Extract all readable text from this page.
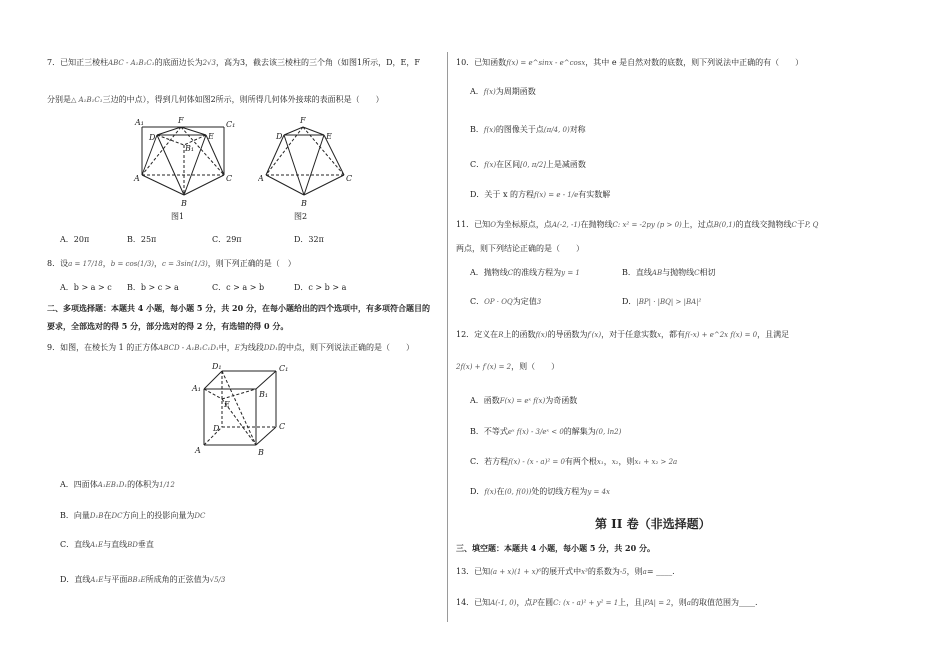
7．已知正三棱柱ABC - A₁B₁C₁的底面边长为2√3，高为3，截去该三棱柱的三个角（如图1所示，D，E，F
分别是△ A₁B₁C₁三边的中点），得到几何体如图2所示，则所得几何体外接球的表面积是（　　）
A₁	F	C₁
D	E
B₁
A	C
B
图1
F
D	E
A	C
B
图2
A．20π	B．25π	C．29π	D．32π
8．设a = 17/18，b = cos(1/3)，c = 3sin(1/3)，则下列正确的是（　）
A．b > a > c B．b > c > a	C．c > a > b	D．c > b > a
二、多项选择题：本题共 4 小题，每小题 5 分，共 20 分，在每小题给出的四个选项中，有多项符合题目的
要求，全部选对的得 5 分，部分选对的得 2 分，有选错的得 0 分。
9．如图，在棱长为 1 的正方体ABCD - A₁B₁C₁D₁中，E为线段DD₁的中点，则下列说法正确的是（　　）
A₁
D₁	C₁
B₁
E
D	C
A	B
A．四面体A₁EB₁D₁的体积为1/12
B．向量D₁B在DC方向上的投影向量为DC
C．直线A₁E与直线BD垂直
D．直线A₁E与平面BB₁E所成角的正弦值为√5/3
10．已知函数f(x) = e^sinx - e^cosx，其中 e 是自然对数的底数，则下列说法中正确的有（　　）
A．f(x)为周期函数
B．f(x)的图像关于点(π/4, 0)对称
C．f(x)在区间[0, π/2]上是减函数
D．关于 x 的方程f(x) = e - 1/e有实数解
11．已知O为坐标原点，点A(-2, -1)在抛物线C: x² = -2py (p > 0)上，过点B(0,1)的直线交抛物线C于P, Q
两点，则下列结论正确的是（　　）
A．抛物线C的准线方程为y = 1	B．直线AB与抛物线C相切
C．OP · OQ为定值3	D．|BP| · |BQ| > |BA|²
12．定义在R上的函数f(x)的导函数为f′(x)，对于任意实数x，都有f(-x) + e^2x f(x) = 0，且满足
2f(x) + f′(x) = 2，则（　　）
A．函数F(x) = eˣ f(x)为奇函数
B．不等式eˣ f(x) - 3/eˣ < 0的解集为(0, ln2)
C．若方程f(x) - (x - a)² = 0有两个根x₁，x₂，则x₁ + x₂ > 2a
D．f(x)在(0, f(0))处的切线方程为y = 4x
第 II 卷（非选择题）
三、填空题：本题共 4 小题，每小题 5 分，共 20 分。
13．已知(a + x)(1 + x)⁶的展开式中x³的系数为-5，则a= ____.
14．已知A(-1, 0)，点P在圆C: (x - a)² + y² = 1上，且|PA| = 2，则a的取值范围为____.
